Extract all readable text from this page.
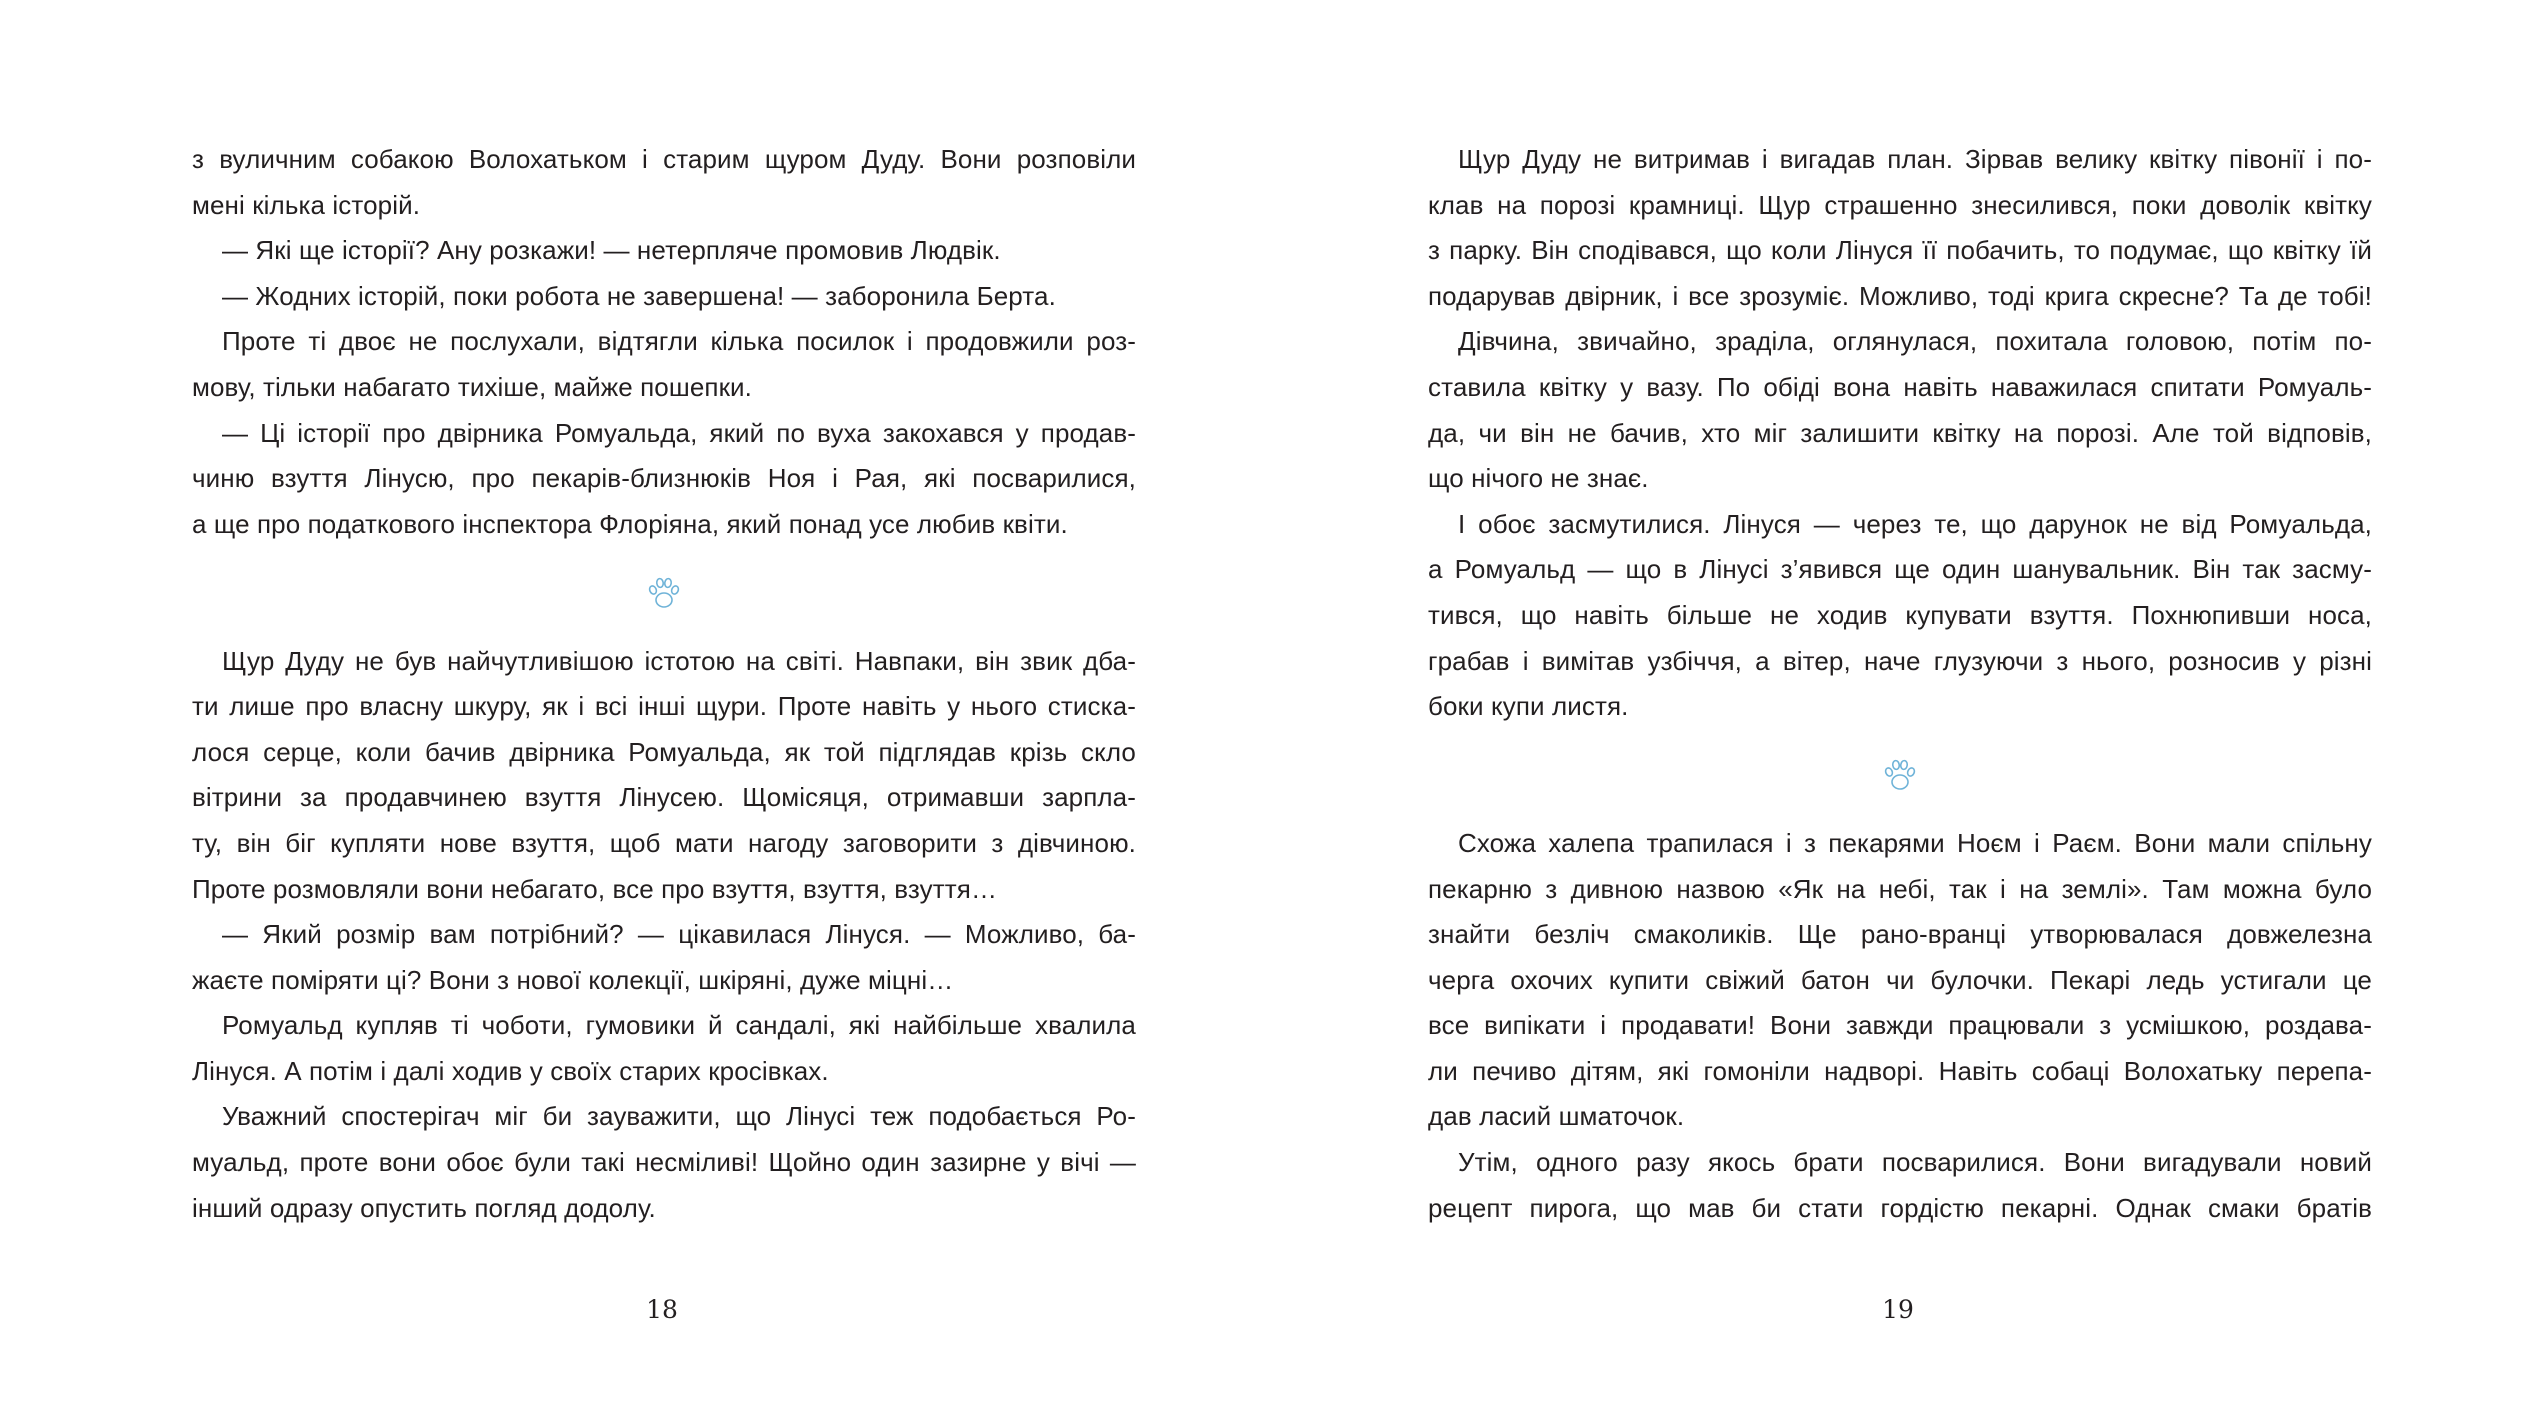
з вуличним собакою Волохатьком і старим щуром Дуду. Вони розповіли
мені кілька історій.
— Які ще історії? Ану розкажи! — нетерпляче промовив Людвік.
— Жодних історій, поки робота не завершена! — заборонила Берта.
Проте ті двоє не послухали, відтягли кілька посилок і продовжили роз-
мову, тільки набагато тихіше, майже пошепки.
— Ці історії про двірника Ромуальда, який по вуха закохався у продав-
чиню взуття Лінусю, про пекарів-близнюків Ноя і Рая, які посварилися,
а ще про податкового інспектора Флоріяна, який понад усе любив квіти.
Щур Дуду не був найчутливішою істотою на світі. Навпаки, він звик дба-
ти лише про власну шкуру, як і всі інші щури. Проте навіть у нього стиска-
лося серце, коли бачив двірника Ромуальда, як той підглядав крізь скло
вітрини за продавчинею взуття Лінусею. Щомісяця, отримавши зарпла-
ту, він біг купляти нове взуття, щоб мати нагоду заговорити з дівчиною.
Проте розмовляли вони небагато, все про взуття, взуття, взуття…
— Який розмір вам потрібний? — цікавилася Лінуся. — Можливо, ба-
жаєте поміряти ці? Вони з нової колекції, шкіряні, дуже міцні…
Ромуальд купляв ті чоботи, гумовики й сандалі, які найбільше хвалила
Лінуся. А потім і далі ходив у своїх старих кросівках.
Уважний спостерігач міг би зауважити, що Лінусі теж подобається Ро-
муальд, проте вони обоє були такі несміливі! Щойно один зазирне у вічі —
інший одразу опустить погляд додолу.
18
Щур Дуду не витримав і вигадав план. Зірвав велику квітку півонії і по-
клав на порозі крамниці. Щур страшенно знесилився, поки доволік квітку
з парку. Він сподівався, що коли Лінуся її побачить, то подумає, що квітку їй
подарував двірник, і все зрозуміє. Можливо, тоді крига скресне? Та де тобі!
Дівчина, звичайно, зраділа, оглянулася, похитала головою, потім по-
ставила квітку у вазу. По обіді вона навіть наважилася спитати Ромуаль-
да, чи він не бачив, хто міг залишити квітку на порозі. Але той відповів,
що нічого не знає.
І обоє засмутилися. Лінуся — через те, що дарунок не від Ромуальда,
а Ромуальд — що в Лінусі з’явився ще один шанувальник. Він так засму-
тився, що навіть більше не ходив купувати взуття. Похнюпивши носа,
грабав і вимітав узбіччя, а вітер, наче глузуючи з нього, розносив у різні
боки купи листя.
Схожа халепа трапилася і з пекарями Ноєм і Раєм. Вони мали спільну
пекарню з дивною назвою «Як на небі, так і на землі». Там можна було
знайти безліч смаколиків. Ще рано-вранці утворювалася довжелезна
черга охочих купити свіжий батон чи булочки. Пекарі ледь устигали це
все випікати і продавати! Вони завжди працювали з усмішкою, роздава-
ли печиво дітям, які гомоніли надворі. Навіть собаці Волохатьку перепа-
дав ласий шматочок.
Утім, одного разу якось брати посварилися. Вони вигадували новий
рецепт пирога, що мав би стати гордістю пекарні. Однак смаки братів
19
